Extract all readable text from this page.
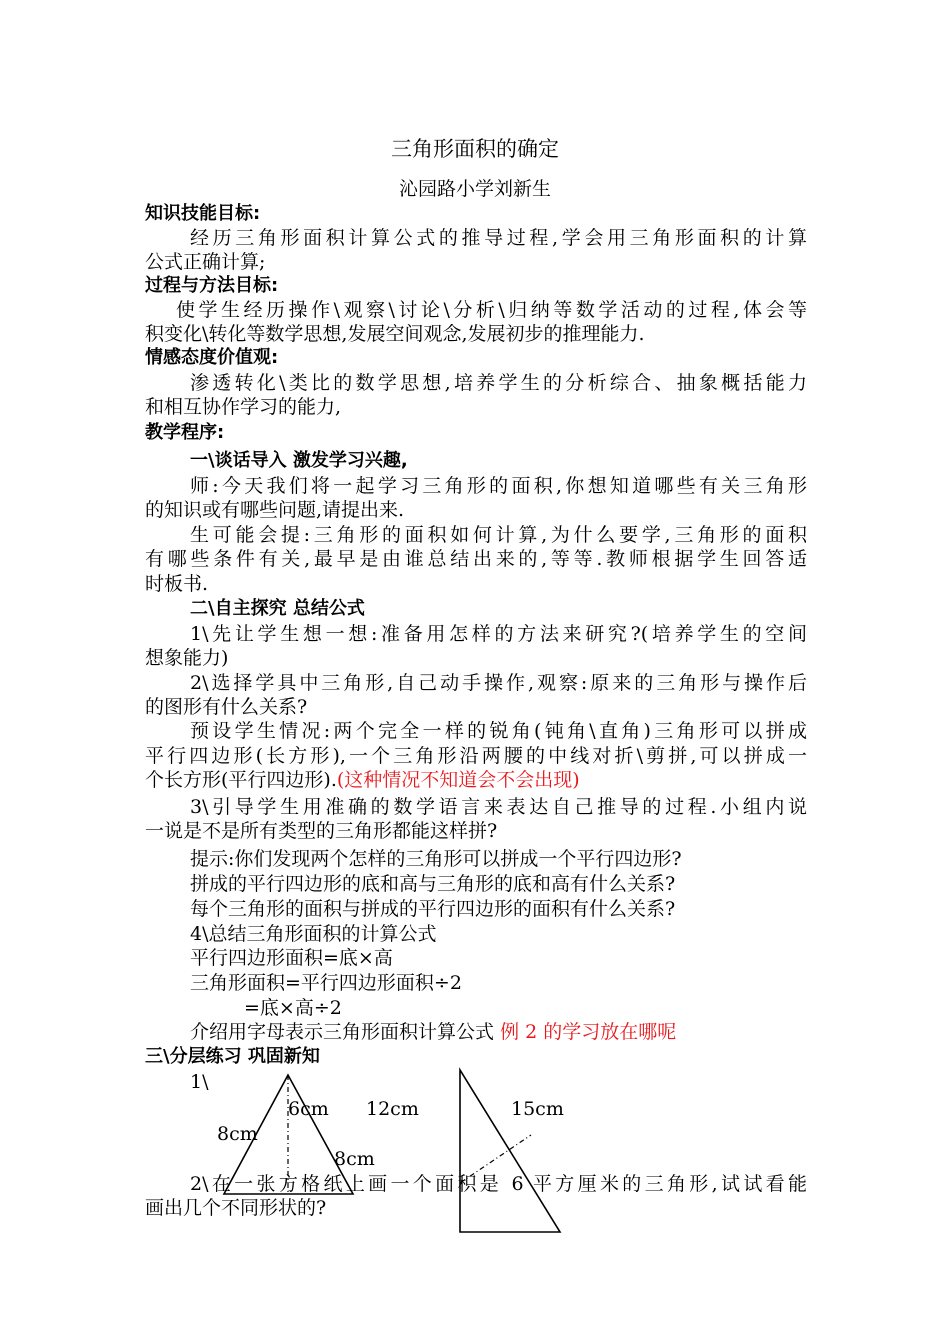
三角形面积的确定
沁园路小学刘新生
知识技能目标:
经历三角形面积计算公式的推导过程,学会用三角形面积的计算
公式正确计算;
过程与方法目标:
使学生经历操作\观察\讨论\分析\归纳等数学活动的过程,体会等
积变化\转化等数学思想,发展空间观念,发展初步的推理能力.
情感态度价值观:
渗透转化\类比的数学思想,培养学生的分析综合、抽象概括能力
和相互协作学习的能力,
教学程序:
一\谈话导入 激发学习兴趣,
师:今天我们将一起学习三角形的面积,你想知道哪些有关三角形
的知识或有哪些问题,请提出来.
生可能会提:三角形的面积如何计算,为什么要学,三角形的面积
有哪些条件有关,最早是由谁总结出来的,等等.教师根据学生回答适
时板书.
二\自主探究 总结公式
1\先让学生想一想:准备用怎样的方法来研究?(培养学生的空间
想象能力)
2\选择学具中三角形,自己动手操作,观察:原来的三角形与操作后
的图形有什么关系?
预设学生情况:两个完全一样的锐角(钝角\直角)三角形可以拼成
平行四边形(长方形),一个三角形沿两腰的中线对折\剪拼,可以拼成一
个长方形(平行四边形).(这种情况不知道会不会出现)
3\引导学生用准确的数学语言来表达自己推导的过程.小组内说
一说是不是所有类型的三角形都能这样拼?
提示:你们发现两个怎样的三角形可以拼成一个平行四边形?
拼成的平行四边形的底和高与三角形的底和高有什么关系?
每个三角形的面积与拼成的平行四边形的面积有什么关系?
4\总结三角形面积的计算公式
平行四边形面积=底×高
三角形面积=平行四边形面积÷2
=底×高÷2
介绍用字母表示三角形面积计算公式 例 2 的学习放在哪呢
三\分层练习 巩固新知
1\
6cm 12cm	15cm
8cm
8cm
2\在一张方格纸上画一个面积是 6 平方厘米的三角形,试试看能
画出几个不同形状的?
